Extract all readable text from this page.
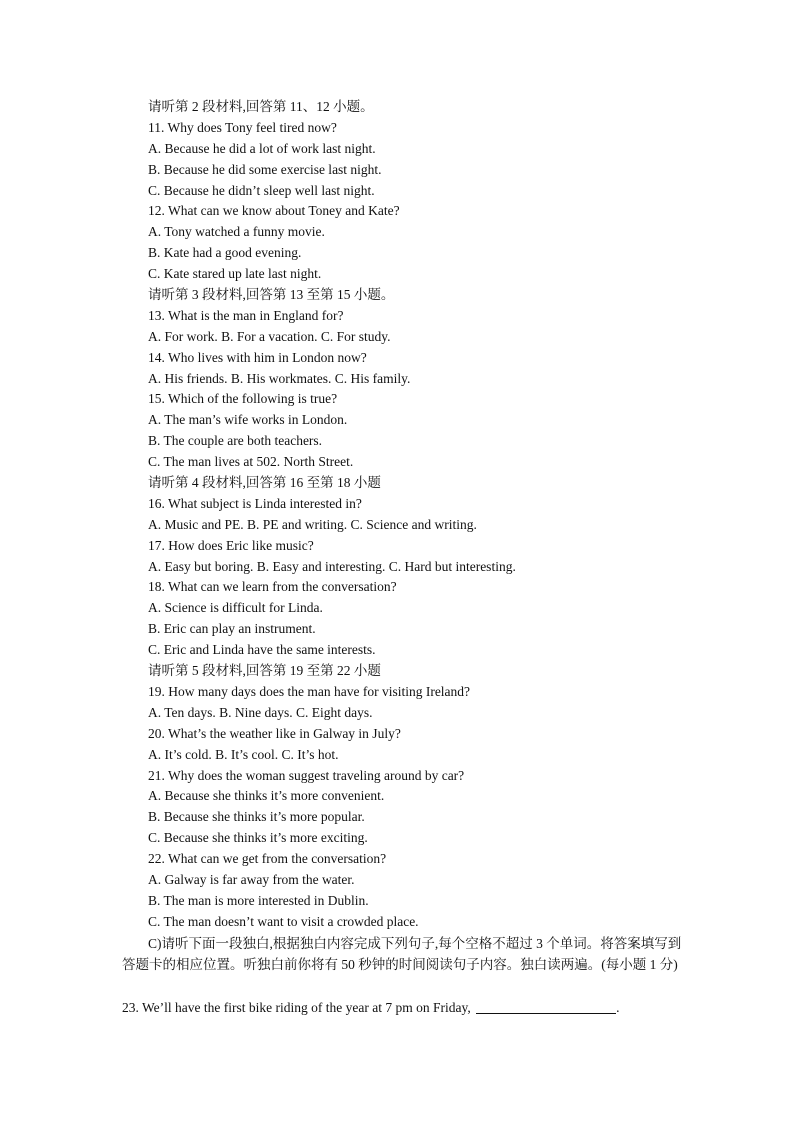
请听第 2 段材料,回答第 11、12 小题。
11. Why does Tony feel tired now?
A. Because he did a lot of work last night.
B. Because he did some exercise last night.
C. Because he didn’t sleep well last night.
12. What can we know about Toney and Kate?
A. Tony watched a funny movie.
B. Kate had a good evening.
C. Kate stared up late last night.
请听第 3 段材料,回答第 13 至第 15 小题。
13. What is the man in England for?
A. For work. B. For a vacation. C. For study.
14. Who lives with him in London now?
A. His friends. B. His workmates. C. His family.
15. Which of the following is true?
A. The man’s wife works in London.
B. The couple are both teachers.
C. The man lives at 502. North Street.
请听第 4 段材料,回答第 16 至第 18 小题
16. What subject is Linda interested in?
A. Music and PE. B. PE and writing. C. Science and writing.
17. How does Eric like music?
A. Easy but boring. B. Easy and interesting. C. Hard but interesting.
18. What can we learn from the conversation?
A. Science is difficult for Linda.
B. Eric can play an instrument.
C. Eric and Linda have the same interests.
请听第 5 段材料,回答第 19 至第 22 小题
19. How many days does the man have for visiting Ireland?
A. Ten days. B. Nine days. C. Eight days.
20. What’s the weather like in Galway in July?
A. It’s cold. B. It’s cool. C. It’s hot.
21. Why does the woman suggest traveling around by car?
A. Because she thinks it’s more convenient.
B. Because she thinks it’s more popular.
C. Because she thinks it’s more exciting.
22. What can we get from the conversation?
A. Galway is far away from the water.
B. The man is more interested in Dublin.
C. The man doesn’t want to visit a crowded place.
C)请听下面一段独白,根据独白内容完成下列句子,每个空格不超过 3 个单词。将答案填写到答题卡的相应位置。听独白前你将有 50 秒钟的时间阅读句子内容。独白读两遍。(每小题 1 分)
23. We’ll have the first bike riding of the year at 7 pm on Friday,	.
